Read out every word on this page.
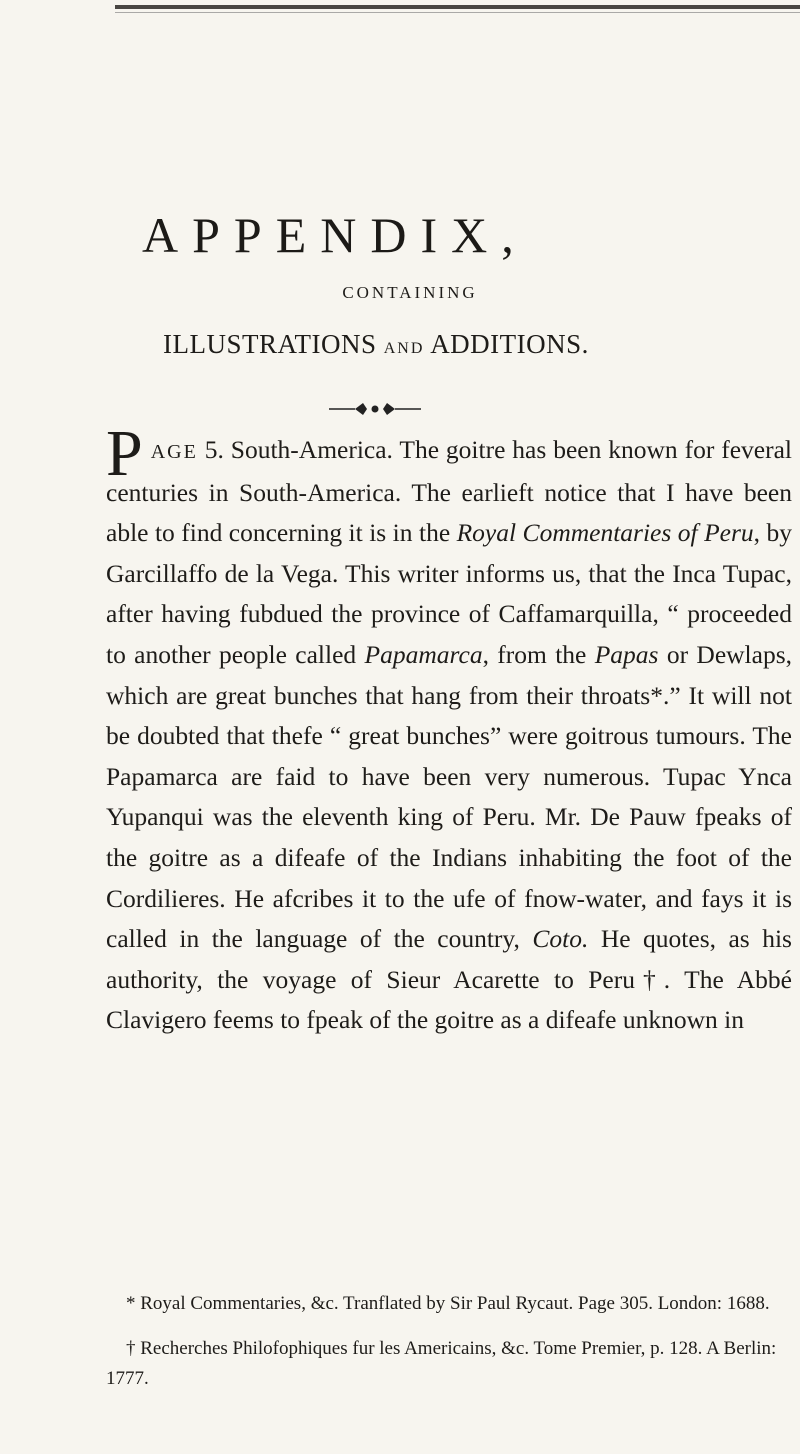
APPENDIX,
CONTAINING
ILLUSTRATIONS AND ADDITIONS.

PAGE 5. South-America. The goitre has been known for feveral centuries in South-America. The earlieft notice that I have been able to find concerning it is in the Royal Commentaries of Peru, by Garcillaffo de la Vega. This writer informs us, that the Inca Tupac, after having fubdued the province of Caffamarquilla, “ proceeded to another people called Papamarca, from the Papas or Dewlaps, which are great bunches that hang from their throats*.” It will not be doubted that thefe “ great bunches” were goitrous tumours. The Papamarca are faid to have been very numerous. Tupac Ynca Yupanqui was the eleventh king of Peru. Mr. De Pauw fpeaks of the goitre as a difeafe of the Indians inhabiting the foot of the Cordilieres. He afcribes it to the ufe of fnow-water, and fays it is called in the language of the country, Coto. He quotes, as his authority, the voyage of Sieur Acarette to Peru†. The Abbé Clavigero feems to fpeak of the goitre as a difeafe unknown in

* Royal Commentaries, &c. Tranflated by Sir Paul Rycaut. Page 305. London: 1688.

† Recherches Philofophiques fur les Americains, &c. Tome Premier, p. 128. A Berlin: 1777.
